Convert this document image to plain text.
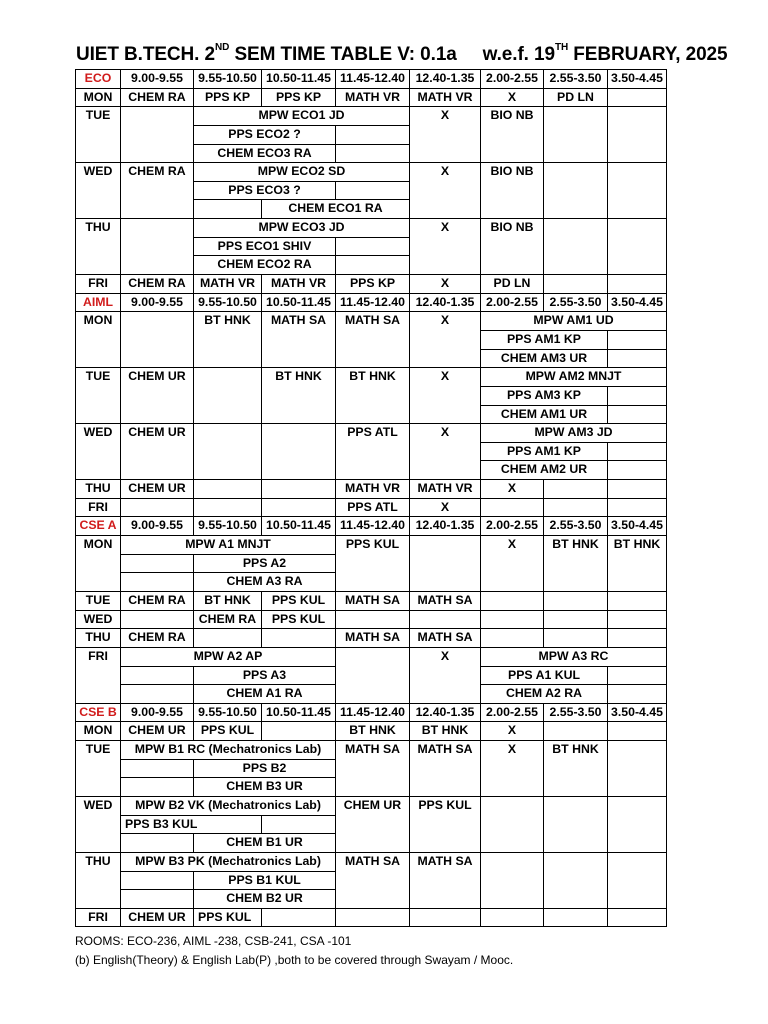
UIET B.TECH. 2ND SEM TIME TABLE V: 0.1a     w.e.f. 19TH FEBRUARY, 2025
ECO	9.00-9.55	9.55-10.50	10.50-11.45	11.45-12.40	12.40-1.35	2.00-2.55	2.55-3.50	3.50-4.45
MON	CHEM RA	PPS KP	PPS KP	MATH VR	MATH VR	X	PD LN	
TUE		MPW ECO1 JD			X	BIO NB		
		PPS ECO2 ?						
		CHEM ECO3 RA						
WED	CHEM RA	MPW ECO2 SD			X	BIO NB		
		PPS ECO3 ?						
			CHEM ECO1 RA					
THU		MPW ECO3 JD			X	BIO NB		
		PPS ECO1 SHIV						
		CHEM ECO2 RA						
FRI	CHEM RA	MATH VR	MATH VR	PPS KP	X	PD LN		
AIML	9.00-9.55	9.55-10.50	10.50-11.45	11.45-12.40	12.40-1.35	2.00-2.55	2.55-3.50	3.50-4.45
MON		BT HNK	MATH SA	MATH SA	X	MPW AM1 UD		
						PPS AM1 KP		
						CHEM AM3 UR		
TUE	CHEM UR		BT HNK	BT HNK	X	MPW AM2 MNJT		
						PPS AM3 KP		
						CHEM AM1 UR		
WED	CHEM UR			PPS ATL	X	MPW AM3 JD		
						PPS AM1 KP		
						CHEM AM2 UR		
THU	CHEM UR			MATH VR	MATH VR	X		
FRI				PPS ATL	X			
CSE A	9.00-9.55	9.55-10.50	10.50-11.45	11.45-12.40	12.40-1.35	2.00-2.55	2.55-3.50	3.50-4.45
MON	MPW A1 MNJT			PPS KUL		X	BT HNK	BT HNK
		PPS A2						
		CHEM A3 RA						
TUE	CHEM RA	BT HNK	PPS KUL	MATH SA	MATH SA			
WED		CHEM RA	PPS KUL					
THU	CHEM RA			MATH SA	MATH SA			
FRI	MPW A2 AP				X	MPW A3 RC		
		PPS A3				PPS A1 KUL		
		CHEM A1 RA				CHEM A2 RA		
CSE B	9.00-9.55	9.55-10.50	10.50-11.45	11.45-12.40	12.40-1.35	2.00-2.55	2.55-3.50	3.50-4.45
MON	CHEM UR	PPS KUL		BT HNK	BT HNK	X		
TUE	MPW B1 RC (Mechatronics Lab)			MATH SA	MATH SA	X	BT HNK	
		PPS B2						
		CHEM B3 UR						
WED	MPW B2 VK (Mechatronics Lab)			CHEM UR	PPS KUL			
	PPS B3 KUL							
		CHEM B1 UR						
THU	MPW B3 PK (Mechatronics Lab)			MATH SA	MATH SA			
		PPS B1 KUL						
		CHEM B2 UR						
FRI	CHEM UR	PPS KUL						
ROOMS: ECO-236, AIML -238, CSB-241, CSA -101
(b) English(Theory) & English Lab(P) ,both to be covered through Swayam / Mooc.
